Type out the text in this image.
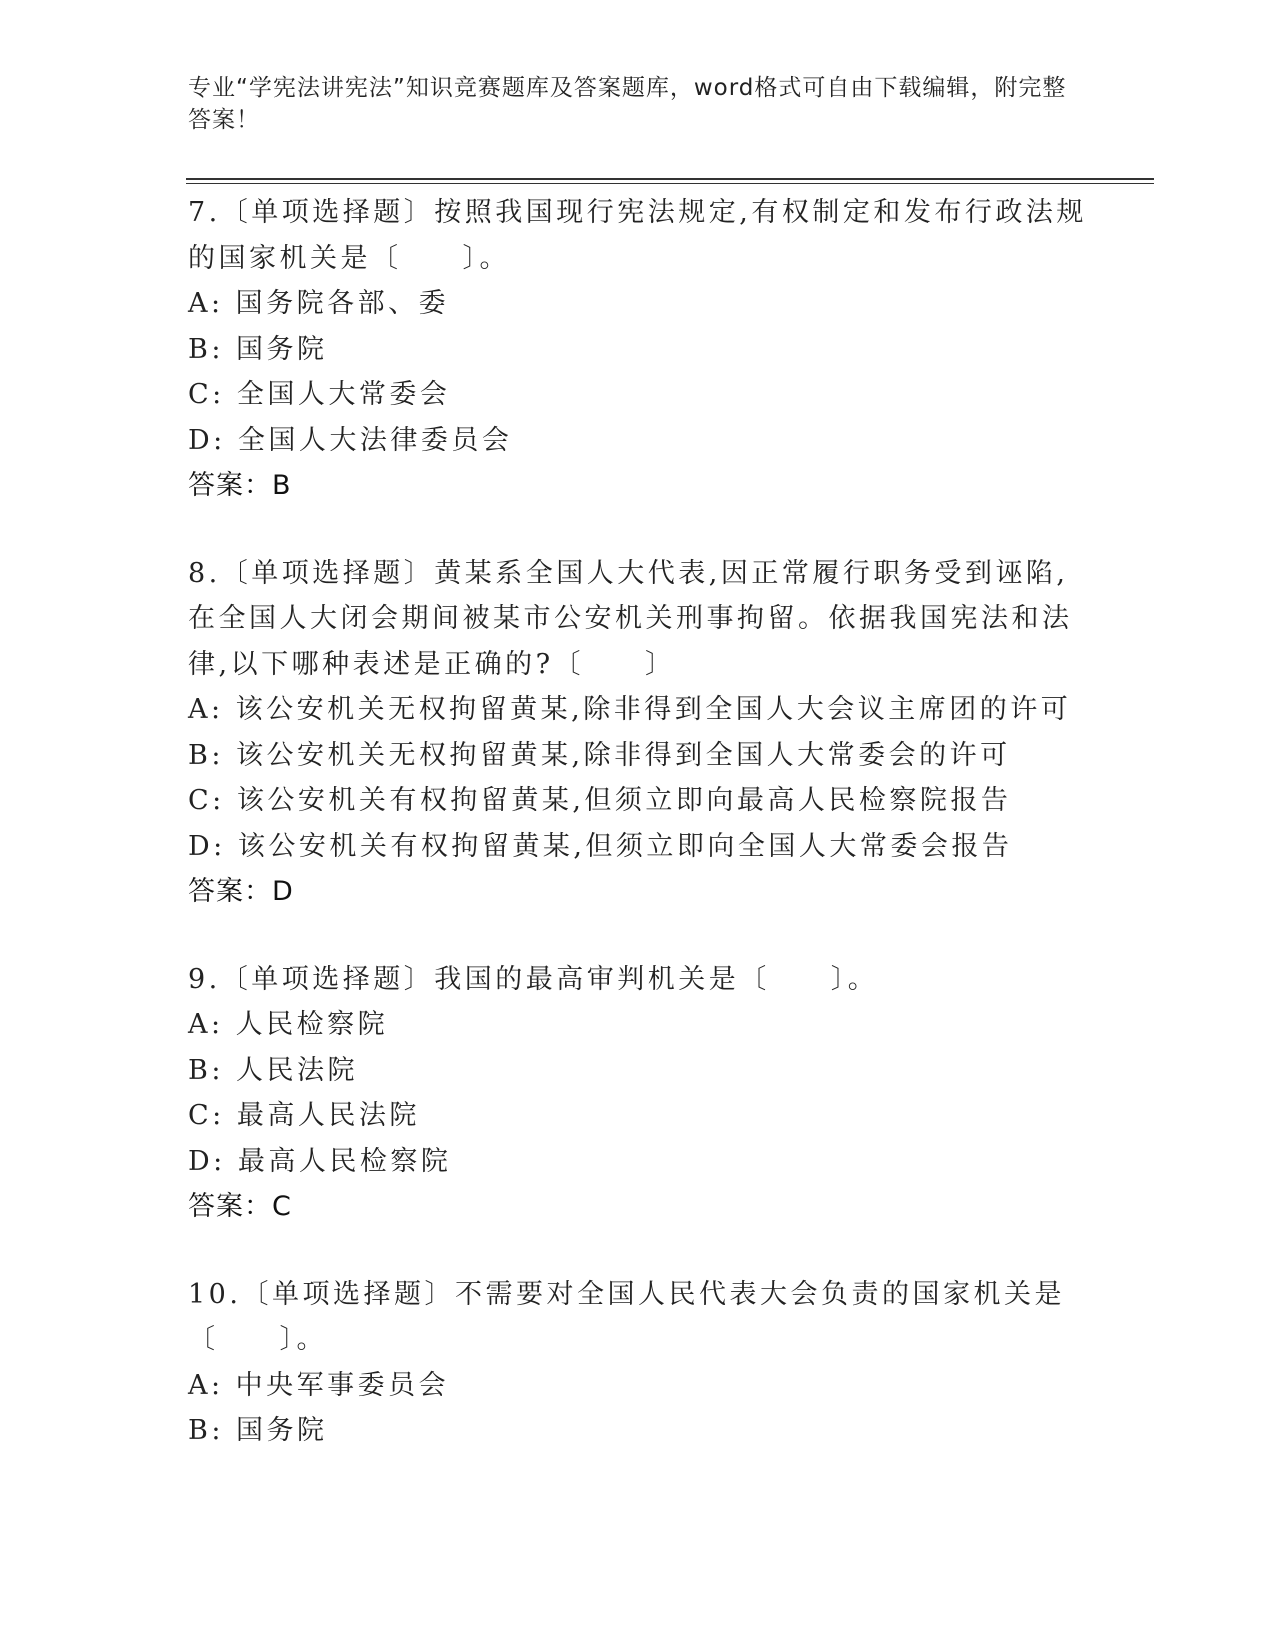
专业“学宪法讲宪法”知识竞赛题库及答案题库，word格式可自由下载编辑，附完整答案！
7.〔单项选择题〕按照我国现行宪法规定,有权制定和发布行政法规的国家机关是〔　　〕。
A: 国务院各部、委
B: 国务院
C: 全国人大常委会
D: 全国人大法律委员会
答案：B
8.〔单项选择题〕黄某系全国人大代表,因正常履行职务受到诬陷,在全国人大闭会期间被某市公安机关刑事拘留。依据我国宪法和法律,以下哪种表述是正确的?〔　　〕
A: 该公安机关无权拘留黄某,除非得到全国人大会议主席团的许可
B: 该公安机关无权拘留黄某,除非得到全国人大常委会的许可
C: 该公安机关有权拘留黄某,但须立即向最高人民检察院报告
D: 该公安机关有权拘留黄某,但须立即向全国人大常委会报告
答案：D
9.〔单项选择题〕我国的最高审判机关是〔　　〕。
A: 人民检察院
B: 人民法院
C: 最高人民法院
D: 最高人民检察院
答案：C
10.〔单项选择题〕不需要对全国人民代表大会负责的国家机关是〔　　〕。
A: 中央军事委员会
B: 国务院
